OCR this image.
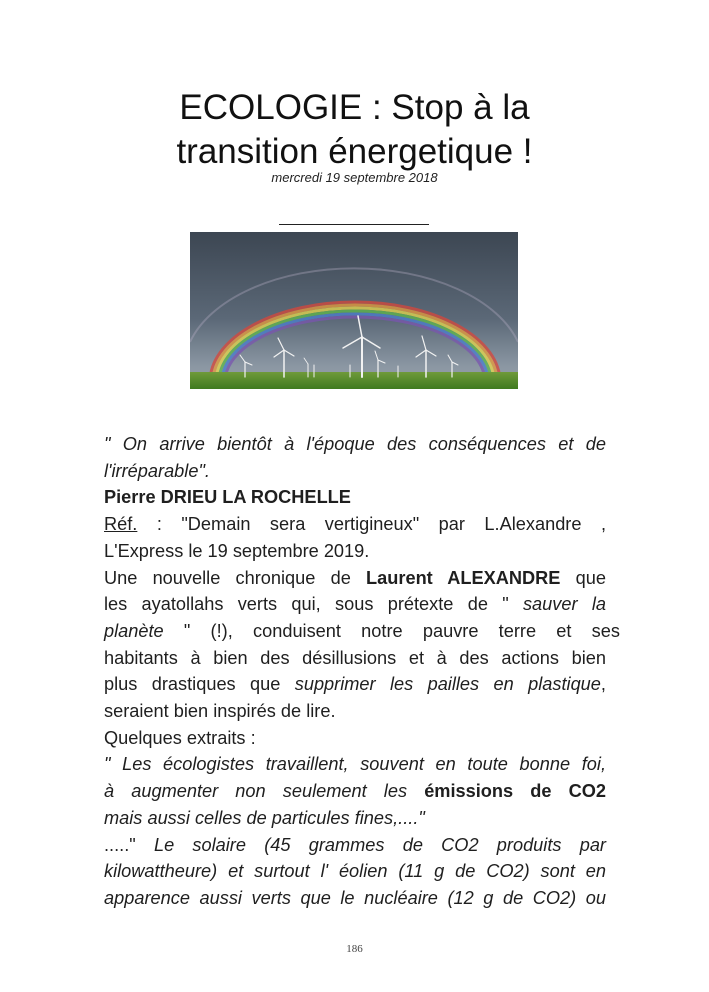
ECOLOGIE : Stop à la
transition énergetique !
mercredi 19 septembre 2018

" On arrive bientôt à l'époque des conséquences et de

l'irréparable".

Pierre DRIEU LA ROCHELLE

Réf. : "Demain sera vertigineux" par L.Alexandre ,

L'Express le 19 septembre 2019.

Une nouvelle chronique de Laurent ALEXANDRE que

les ayatollahs verts qui, sous prétexte de " sauver la

planète " (!), conduisent notre pauvre terre et ses

habitants à bien des désillusions et à des actions bien

plus drastiques que supprimer les pailles en plastique,

seraient bien inspirés de lire.

Quelques extraits :

" Les écologistes travaillent, souvent en toute bonne foi,

à augmenter non seulement les émissions de CO2

mais aussi celles de particules fines,...."

....." Le solaire (45 grammes de CO2 produits par

kilowattheure) et surtout l' éolien (11 g de CO2) sont en

apparence aussi verts que le nucléaire (12 g de CO2) ou

186
